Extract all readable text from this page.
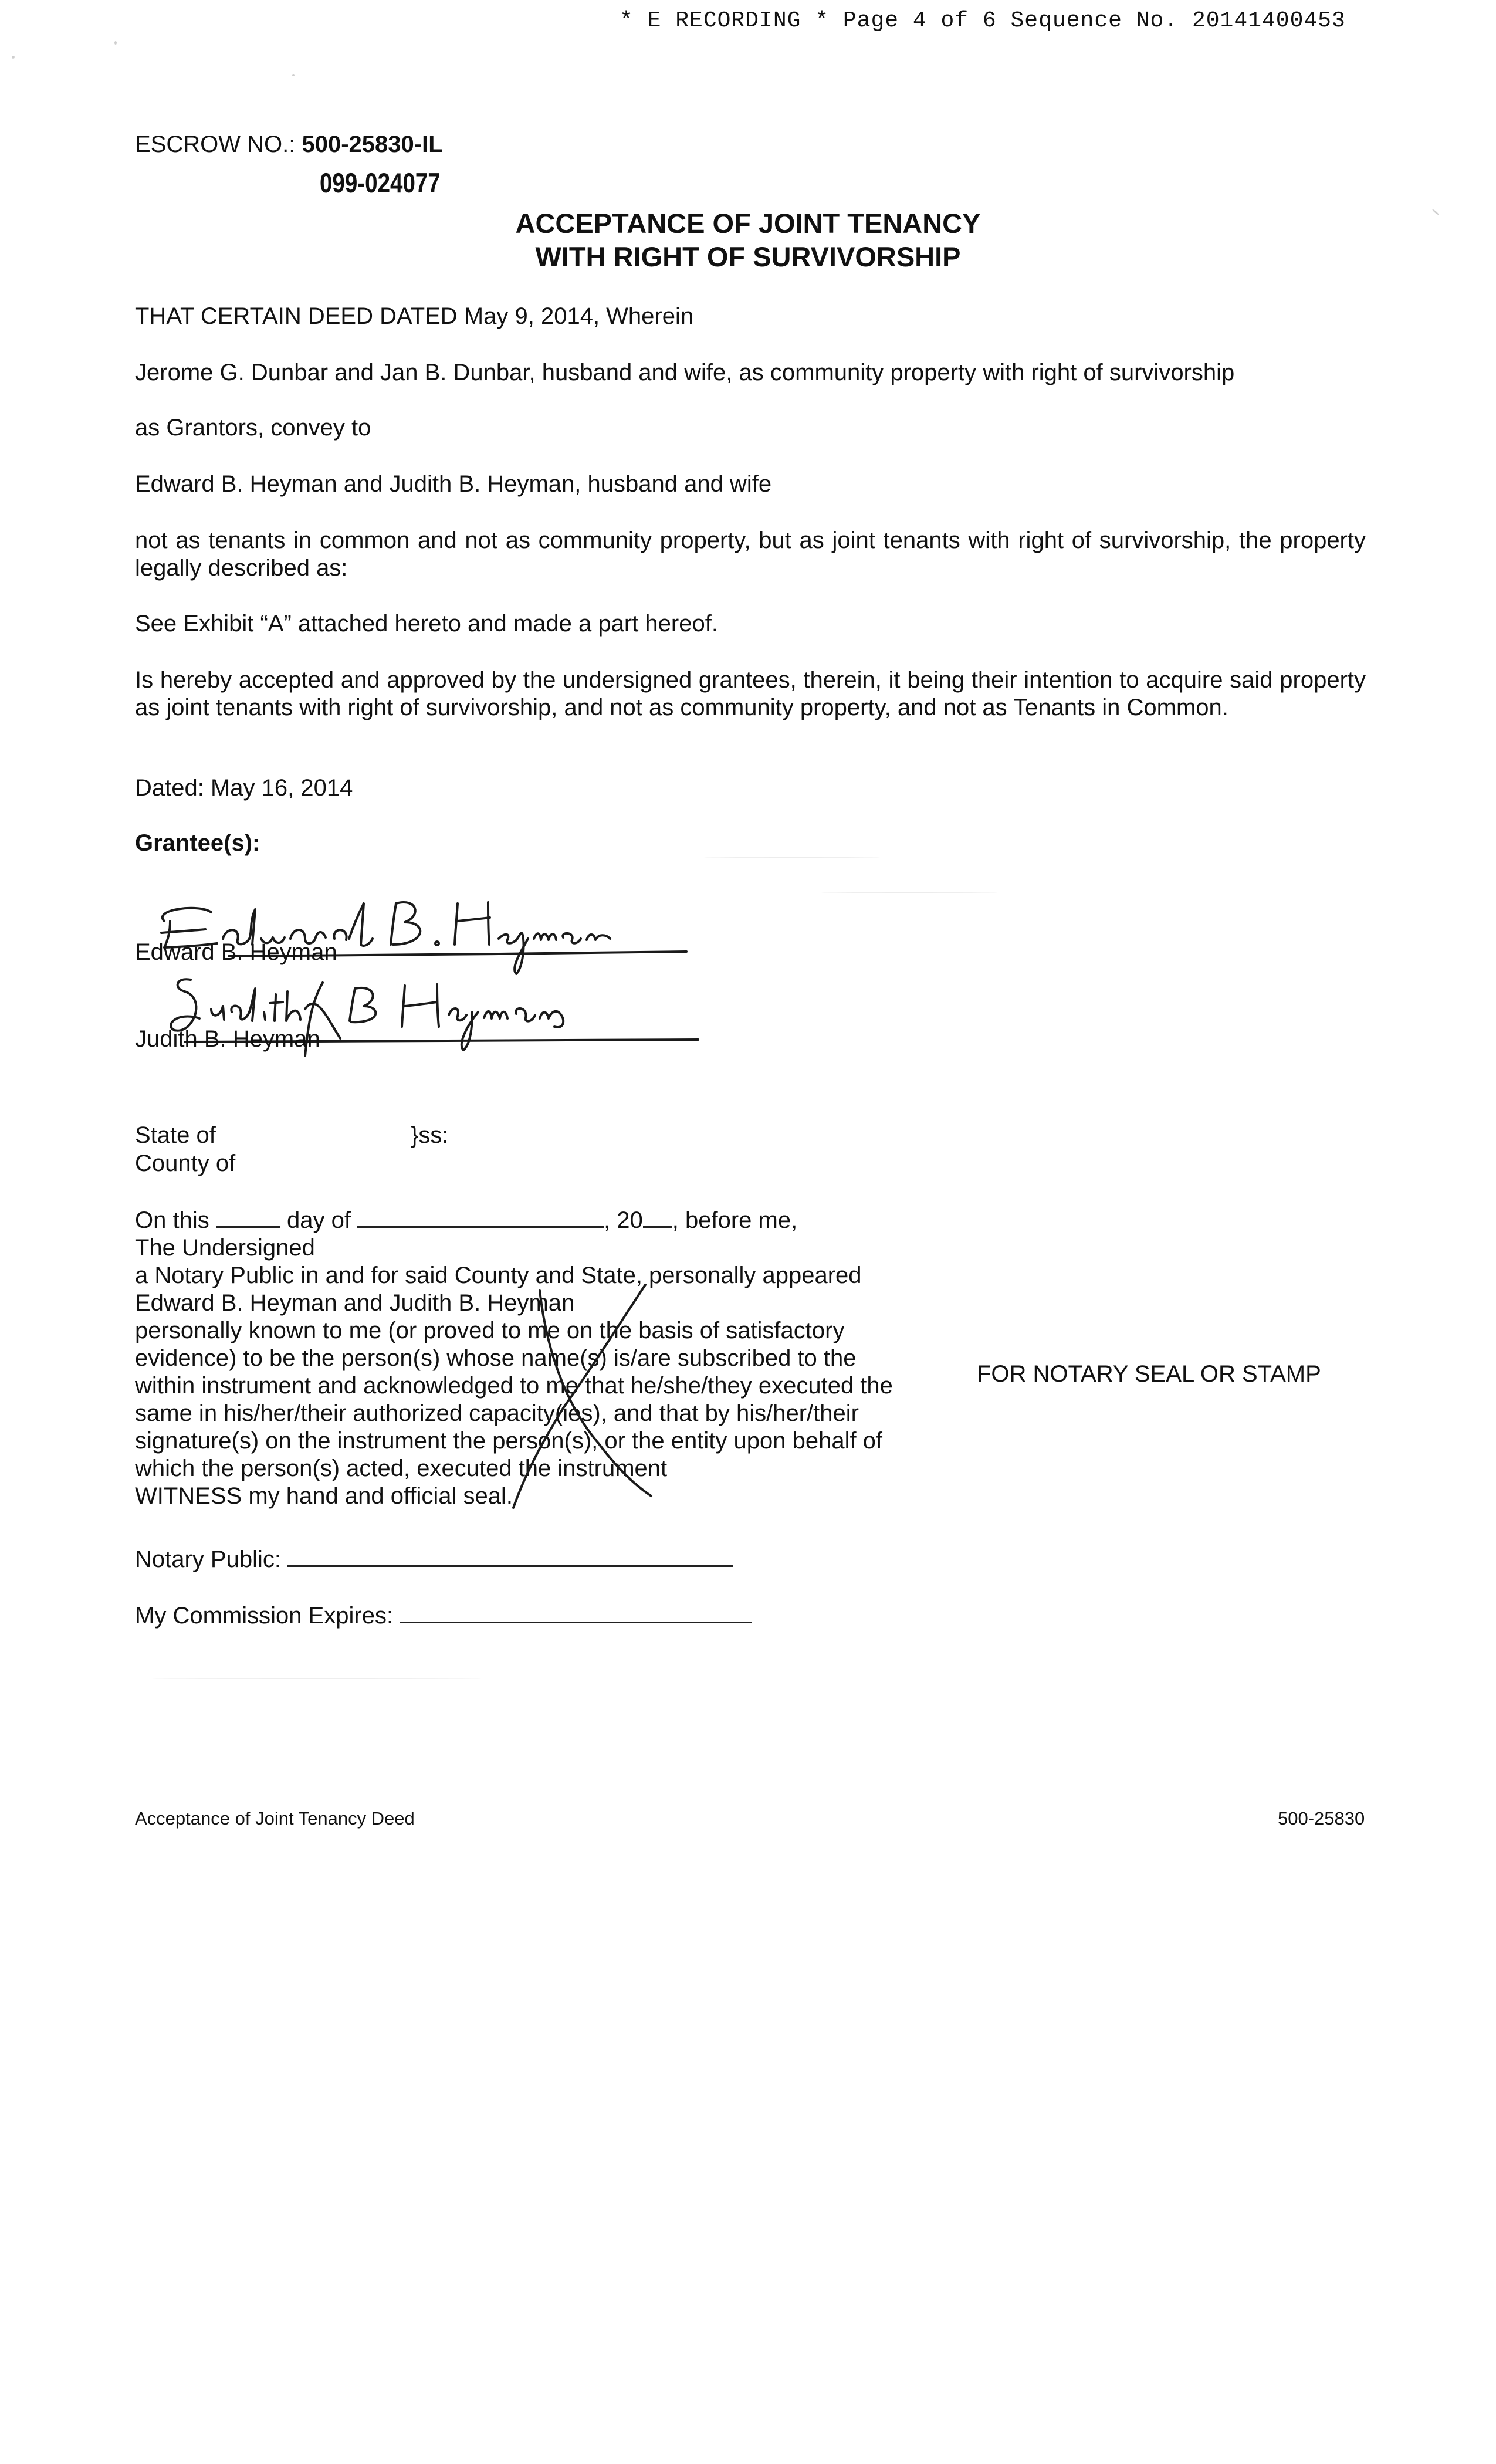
* E RECORDING * Page 4 of 6 Sequence No. 20141400453
ESCROW NO.: 500-25830-IL
099-024077
ACCEPTANCE OF JOINT TENANCY
WITH RIGHT OF SURVIVORSHIP
THAT CERTAIN DEED DATED May 9, 2014, Wherein
Jerome G. Dunbar and Jan B. Dunbar, husband and wife, as community property with right of survivorship
as Grantors, convey to
Edward B. Heyman and Judith B. Heyman, husband and wife
not as tenants in common and not as community property, but as joint tenants with right of survivorship, the property legally described as:
See Exhibit “A” attached hereto and made a part hereof.
Is hereby accepted and approved by the undersigned grantees, therein, it being their intention to acquire said property as joint tenants with right of survivorship, and not as community property, and not as Tenants in Common.
Dated: May 16, 2014
Grantee(s):
Edward B. Heyman
Judith B. Heyman
State of	}ss:
County of
On this	day of	, 20 , before me,
The Undersigned
a Notary Public in and for said County and State, personally appeared
Edward B. Heyman and Judith B. Heyman
personally known to me (or proved to me on the basis of satisfactory
evidence) to be the person(s) whose name(s) is/are subscribed to the
within instrument and acknowledged to me that he/she/they executed the
same in his/her/their authorized capacity(ies), and that by his/her/their
signature(s) on the instrument the person(s), or the entity upon behalf of
which the person(s) acted, executed the instrument
WITNESS my hand and official seal.
FOR NOTARY SEAL OR STAMP
Notary Public:
My Commission Expires:
Acceptance of Joint Tenancy Deed	500-25830
